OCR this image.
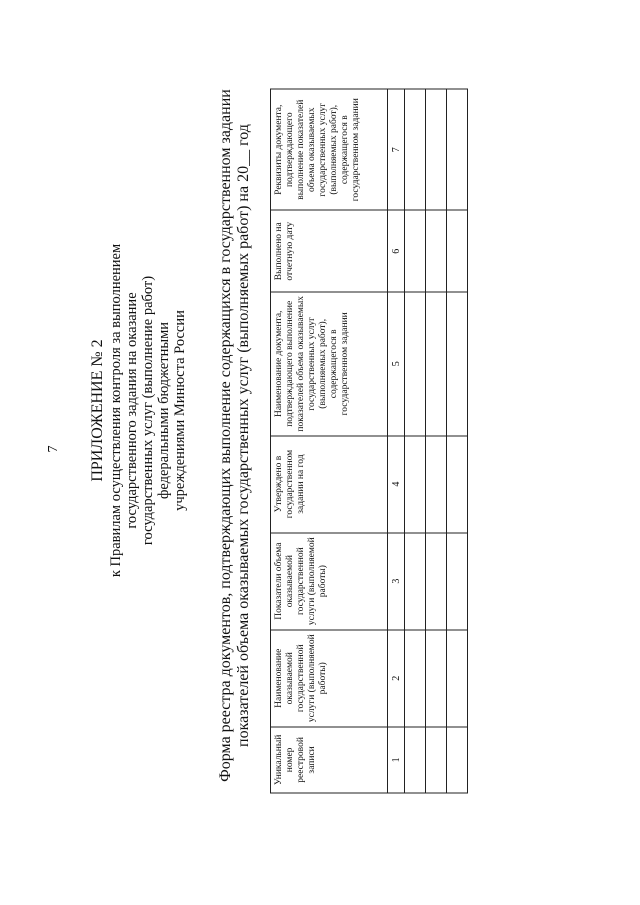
7 ПРИЛОЖЕНИЕ № 2 к Правилам осуществления контроля за выполнением государственного задания на оказание государственных услуг (выполнение работ) федеральными бюджетными учреждениями Минюста России Форма реестра документов, подтверждающих выполнение содержащихся в государственном задании показателей объема оказываемых государственных услуг (выполняемых работ) на 20__ год
Уникальный номер реестровой записи	Наименование оказываемой государственной услуги (выполняемой работы)	Показатели объема оказываемой государственной услуги (выполняемой работы)	Утверждено в государственном задании на год	Наименование документа, подтверждающего выполнение показателей объема оказываемых государственных услуг (выполняемых работ), содержащегося в государственном задании	Выполнено на отчетную дату	Реквизиты документа, подтверждающего выполнение показателей объема оказываемых государственных услуг (выполняемых работ), содержащегося в государственном задании
1	2	3	4	5	6	7
